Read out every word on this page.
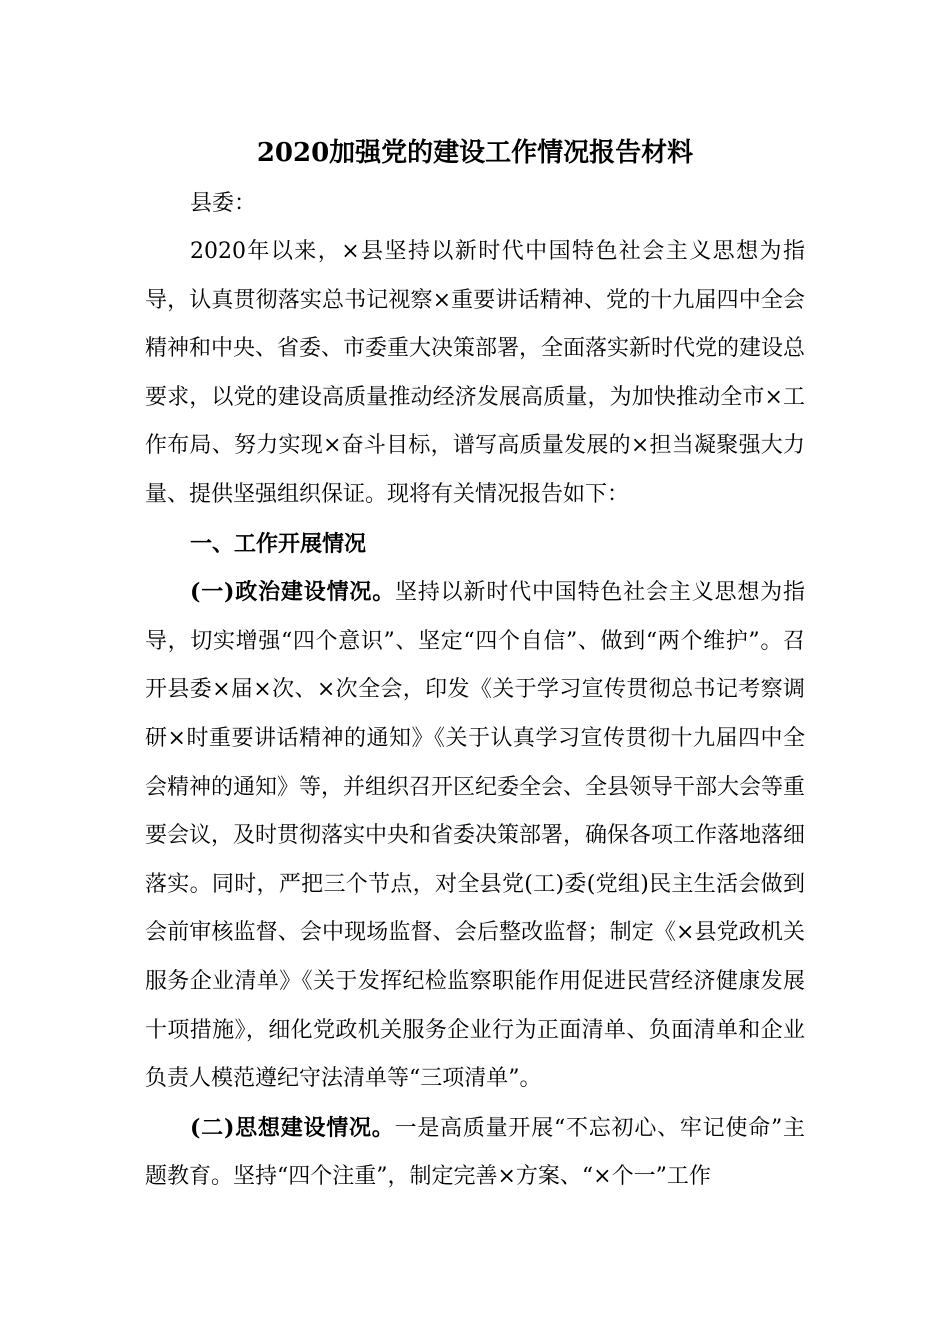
2020加强党的建设工作情况报告材料
县委：

2020年以来，×县坚持以新时代中国特色社会主义思想为指导，认真贯彻落实总书记视察×重要讲话精神、党的十九届四中全会精神和中央、省委、市委重大决策部署，全面落实新时代党的建设总要求，以党的建设高质量推动经济发展高质量，为加快推动全市×工作布局、努力实现×奋斗目标，谱写高质量发展的×担当凝聚强大力量、提供坚强组织保证。现将有关情况报告如下：

一、工作开展情况

(一)政治建设情况。坚持以新时代中国特色社会主义思想为指导，切实增强“四个意识”、坚定“四个自信”、做到“两个维护”。召开县委×届×次、×次全会，印发《关于学习宣传贯彻总书记考察调研×时重要讲话精神的通知》《关于认真学习宣传贯彻十九届四中全会精神的通知》等，并组织召开区纪委全会、全县领导干部大会等重要会议，及时贯彻落实中央和省委决策部署，确保各项工作落地落细落实。同时，严把三个节点，对全县党(工)委(党组)民主生活会做到会前审核监督、会中现场监督、会后整改监督；制定《×县党政机关服务企业清单》《关于发挥纪检监察职能作用促进民营经济健康发展十项措施》，细化党政机关服务企业行为正面清单、负面清单和企业负责人模范遵纪守法清单等“三项清单”。

(二)思想建设情况。一是高质量开展“不忘初心、牢记使命”主题教育。坚持“四个注重”，制定完善×方案、“×个一”工作
